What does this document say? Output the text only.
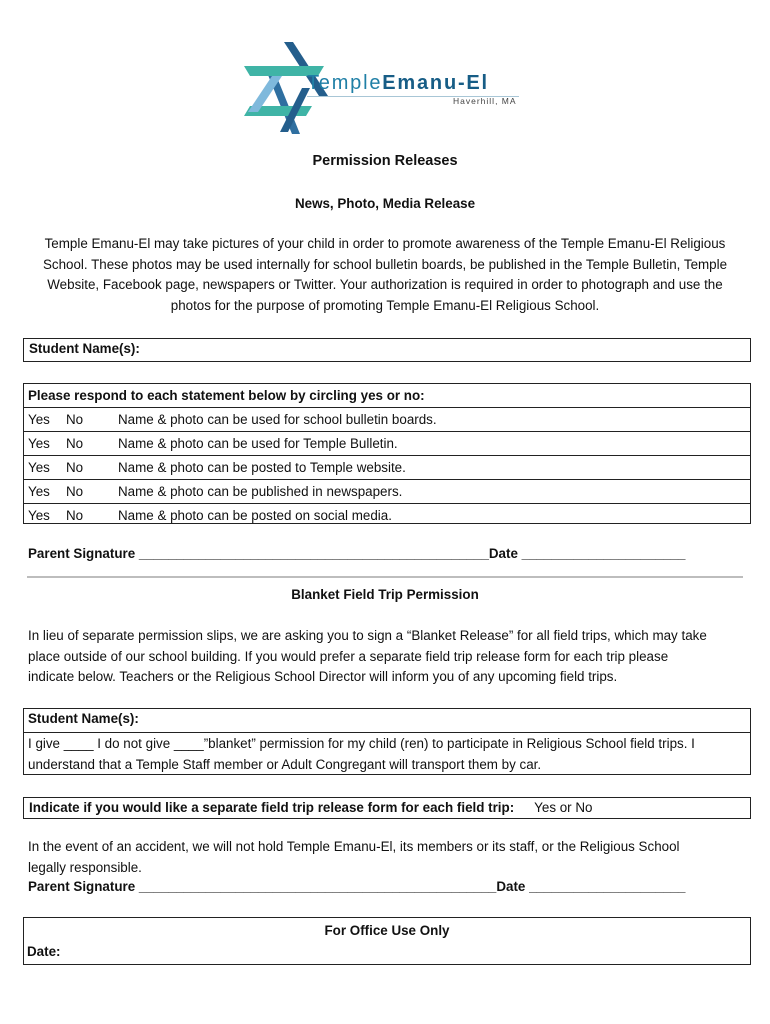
TempleEmanu-El
Haverhill, MA
Permission Releases
News, Photo, Media Release
Temple Emanu-El may take pictures of your child in order to promote awareness of the Temple Emanu-El Religious
School. These photos may be used internally for school bulletin boards, be published in the Temple Bulletin, Temple
Website, Facebook page, newspapers or Twitter. Your authorization is required in order to photograph and use the
photos for the purpose of promoting Temple Emanu-El Religious School.
Student Name(s):
Please respond to each statement below by circling yes or no:
Yes	No	Name & photo can be used for school bulletin boards.
Yes	No	Name & photo can be used for Temple Bulletin.
Yes	No	Name & photo can be posted to Temple website.
Yes	No	Name & photo can be published in newspapers.
Yes	No	Name & photo can be posted on social media.
Parent Signature _______________________________________________Date ______________________
Blanket Field Trip Permission
In lieu of separate permission slips, we are asking you to sign a “Blanket Release” for all field trips, which may take
place outside of our school building. If you would prefer a separate field trip release form for each trip please
indicate below. Teachers or the Religious School Director will inform you of any upcoming field trips.
Student Name(s):
I give ____ I do not give ____”blanket” permission for my child (ren) to participate in Religious School field trips. I
understand that a Temple Staff member or Adult Congregant will transport them by car.
Indicate if you would like a separate field trip release form for each field trip: Yes or No
In the event of an accident, we will not hold Temple Emanu-El, its members or its staff, or the Religious School
legally responsible.
Parent Signature ________________________________________________Date _____________________
For Office Use Only
Date:
